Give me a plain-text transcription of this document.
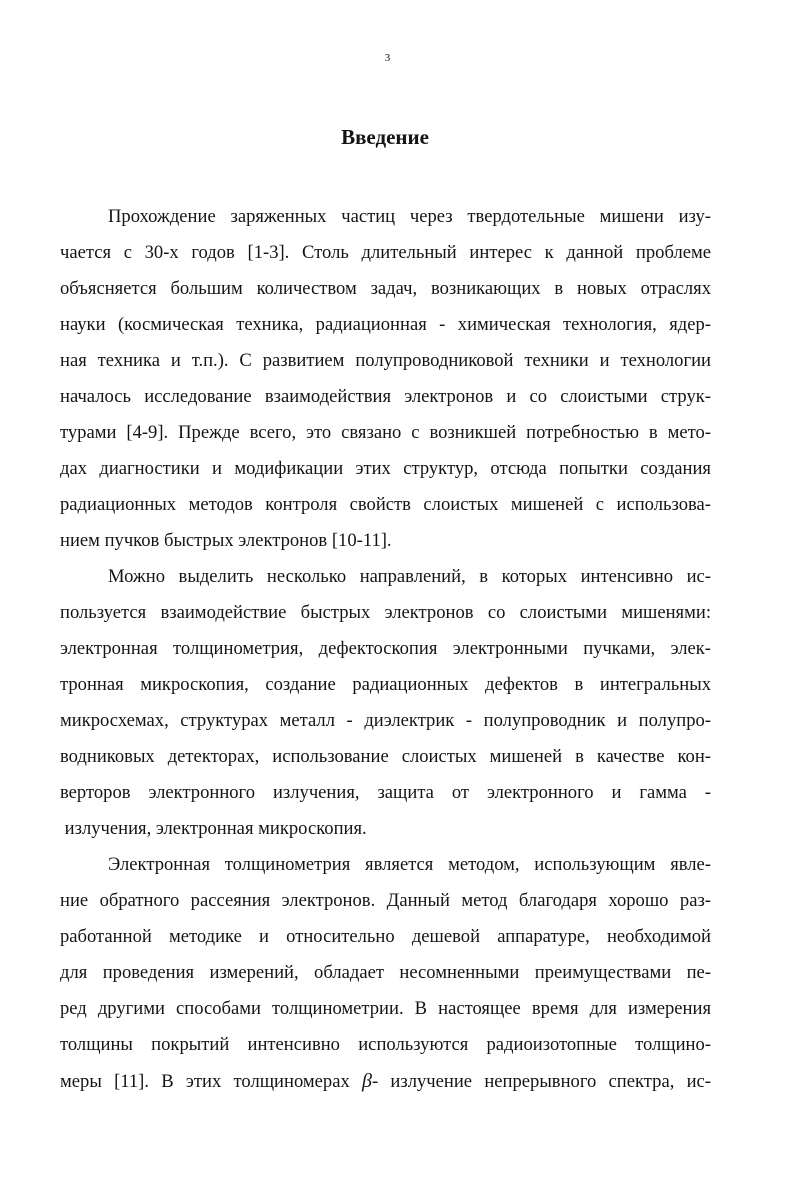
3
Введение
Прохождение заряженных частиц через твердотельные мишени изу-
чается с 30-х годов [1-3]. Столь длительный интерес к данной проблеме
объясняется большим количеством задач, возникающих в новых отраслях
науки (космическая техника, радиационная - химическая технология, ядер-
ная техника и т.п.). С развитием полупроводниковой техники и технологии
началось исследование взаимодействия электронов и со слоистыми струк-
турами [4-9]. Прежде всего, это связано с возникшей потребностью в мето-
дах диагностики и модификации этих структур, отсюда попытки создания
радиационных методов контроля свойств слоистых мишеней с использова-
нием пучков быстрых электронов [10-11].
Можно выделить несколько направлений, в которых интенсивно ис-
пользуется взаимодействие быстрых электронов со слоистыми мишенями:
электронная толщинометрия, дефектоскопия электронными пучками, элек-
тронная микроскопия, создание радиационных дефектов в интегральных
микросхемах, структурах металл - диэлектрик - полупроводник и полупро-
водниковых детекторах, использование слоистых мишеней в качестве кон-
верторов электронного излучения, защита от электронного и гамма -
излучения, электронная микроскопия.
Электронная толщинометрия является методом, использующим явле-
ние обратного рассеяния электронов. Данный метод благодаря хорошо раз-
работанной методике и относительно дешевой аппаратуре, необходимой
для проведения измерений, обладает несомненными преимуществами пе-
ред другими способами толщинометрии. В настоящее время для измерения
толщины покрытий интенсивно используются радиоизотопные толщино-
меры [11]. В этих толщиномерах β- излучение непрерывного спектра, ис-
